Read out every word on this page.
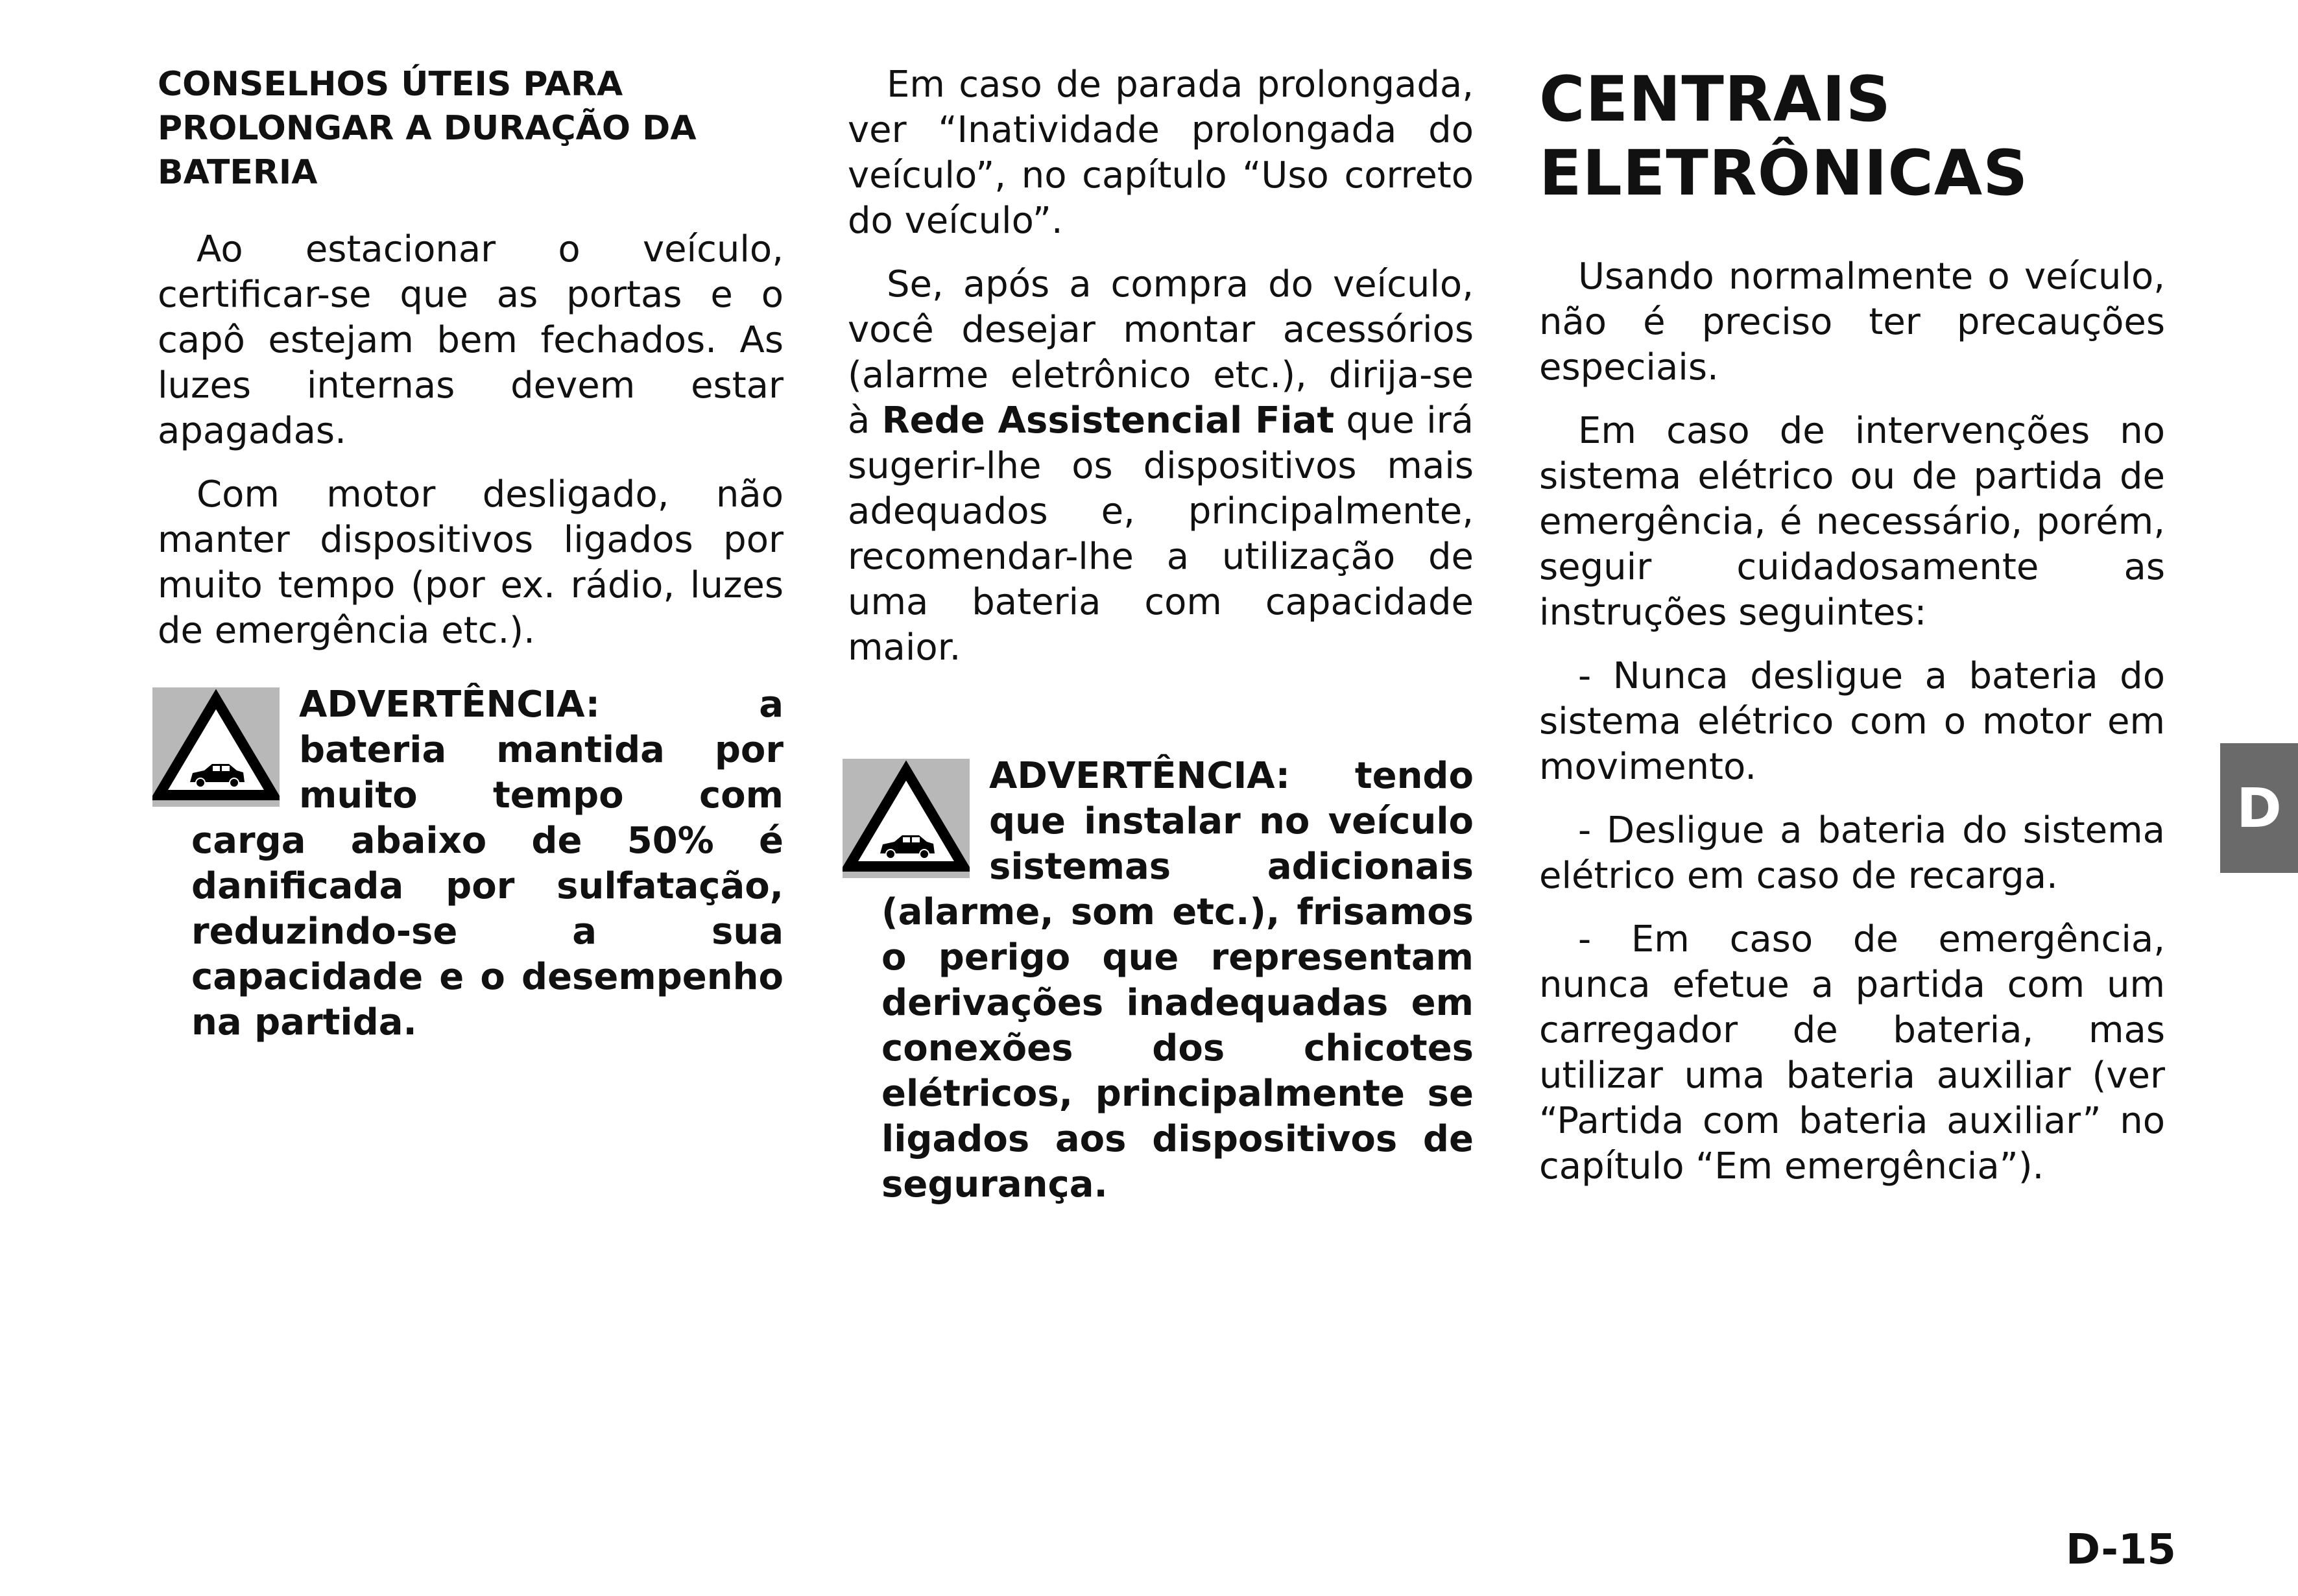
CONSELHOS ÚTEIS PARA PROLONGAR A DURAÇÃO DA BATERIA

Ao estacionar o veículo, certificar-se que as portas e o capô estejam bem fechados. As luzes internas devem estar apagadas.

Com motor desligado, não manter dispositivos ligados por muito tempo (por ex. rádio, luzes de emergência etc.).

ADVERTÊNCIA: a bateria mantida por muito tempo com carga abaixo de 50% é danificada por sulfatação, reduzindo-se a sua capacidade e o desempenho na partida.

Em caso de parada prolongada, ver “Inatividade prolongada do veículo”, no capítulo “Uso correto do veículo”.

Se, após a compra do veículo, você desejar montar acessórios (alarme eletrônico etc.), dirija-se à Rede Assistencial Fiat que irá sugerir-lhe os dispositivos mais adequados e, principalmente, recomendar-lhe a utilização de uma bateria com capacidade maior.

ADVERTÊNCIA: tendo que instalar no veículo sistemas adicionais (alarme, som etc.), frisamos o perigo que representam derivações inadequadas em conexões dos chicotes elétricos, principalmente se ligados aos dispositivos de segurança.

CENTRAIS
ELETRÔNICAS

Usando normalmente o veículo, não é preciso ter precauções especiais.

Em caso de intervenções no sistema elétrico ou de partida de emergência, é necessário, porém, seguir cuidadosamente as instruções seguintes:

- Nunca desligue a bateria do sistema elétrico com o motor em movimento.

- Desligue a bateria do sistema elétrico em caso de recarga.

- Em caso de emergência, nunca efetue a partida com um carregador de bateria, mas utilizar uma bateria auxiliar (ver “Partida com bateria auxiliar” no capítulo “Em emergência”).

D
D-15
